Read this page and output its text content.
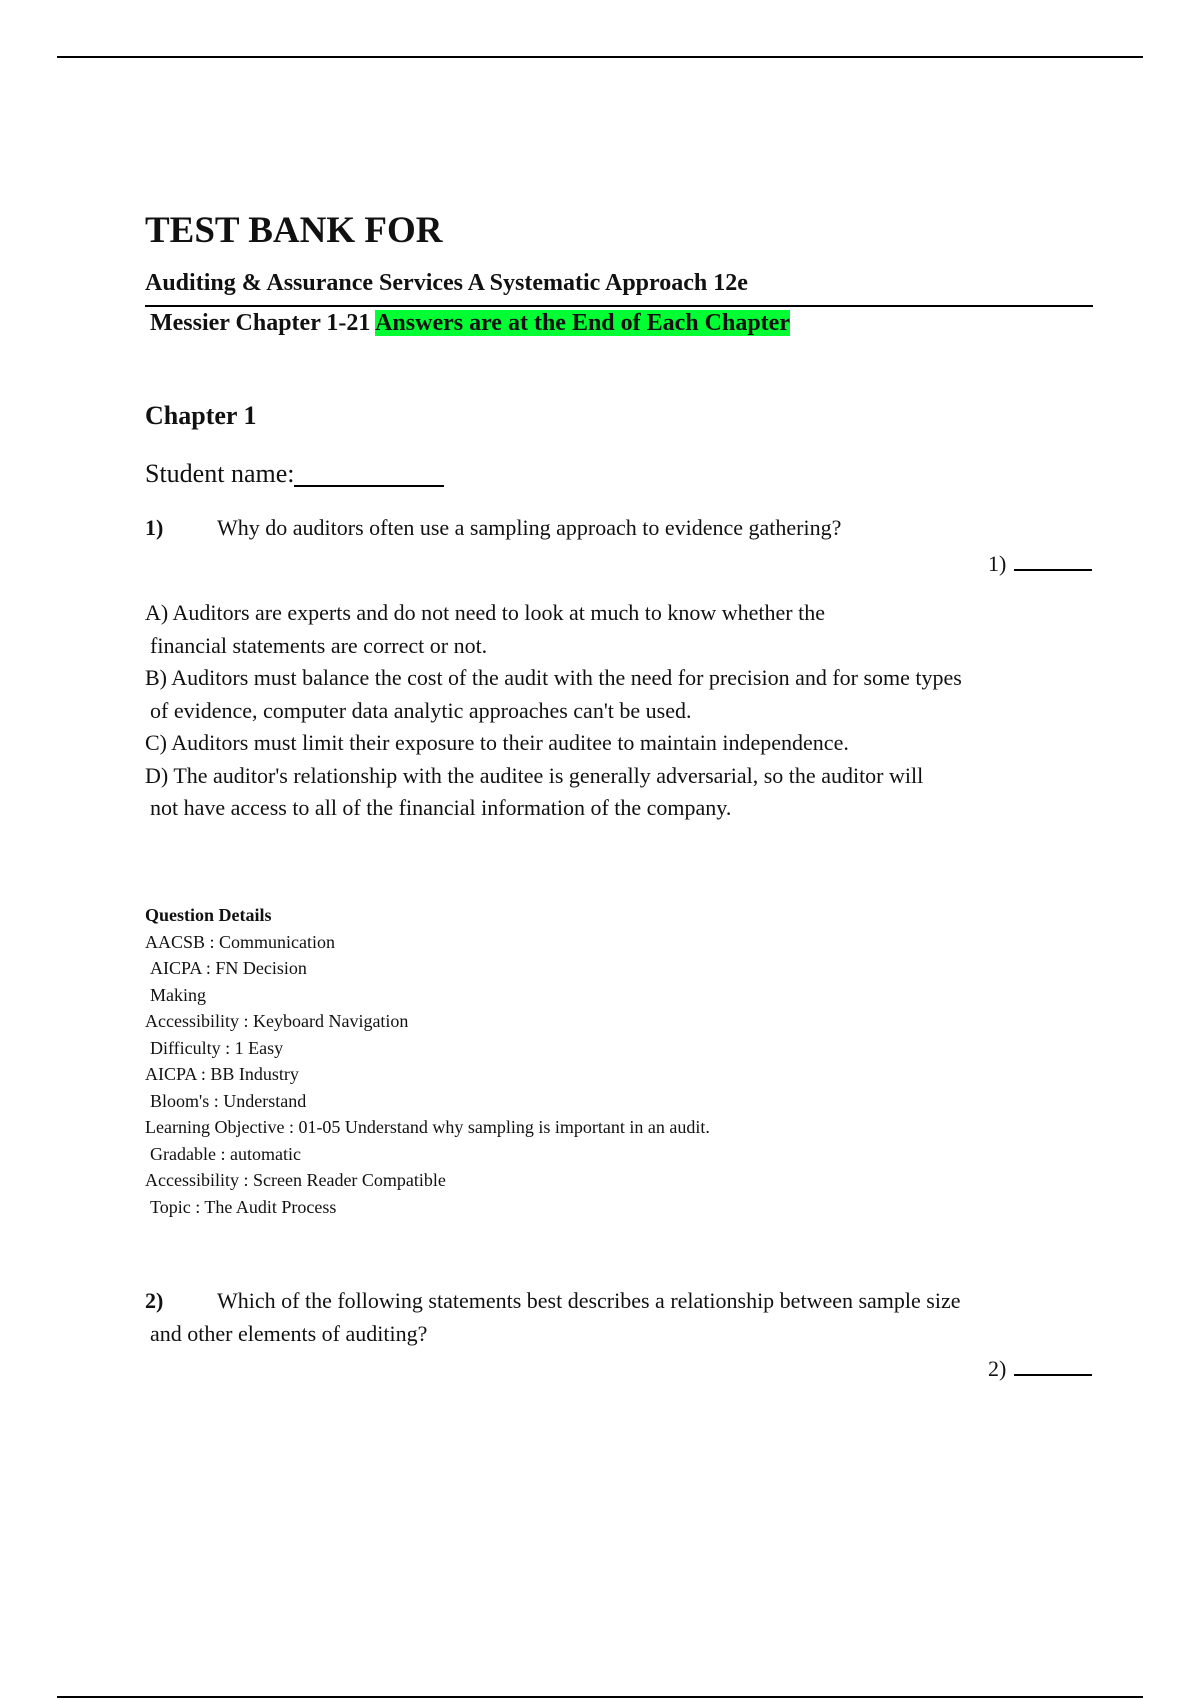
TEST BANK FOR
Auditing & Assurance Services A Systematic Approach 12e
Messier Chapter 1-21 Answers are at the End of Each Chapter
Chapter 1
Student name:
1) Why do auditors often use a sampling approach to evidence gathering?
1)
A) Auditors are experts and do not need to look at much to know whether the
financial statements are correct or not.
B) Auditors must balance the cost of the audit with the need for precision and for some types
of evidence, computer data analytic approaches can't be used.
C) Auditors must limit their exposure to their auditee to maintain independence.
D) The auditor's relationship with the auditee is generally adversarial, so the auditor will
not have access to all of the financial information of the company.
Question Details
AACSB : Communication
AICPA : FN Decision
Making
Accessibility : Keyboard Navigation
Difficulty : 1 Easy
AICPA : BB Industry
Bloom's : Understand
Learning Objective : 01-05 Understand why sampling is important in an audit.
Gradable : automatic
Accessibility : Screen Reader Compatible
Topic : The Audit Process
2) Which of the following statements best describes a relationship between sample size
and other elements of auditing?
2)
